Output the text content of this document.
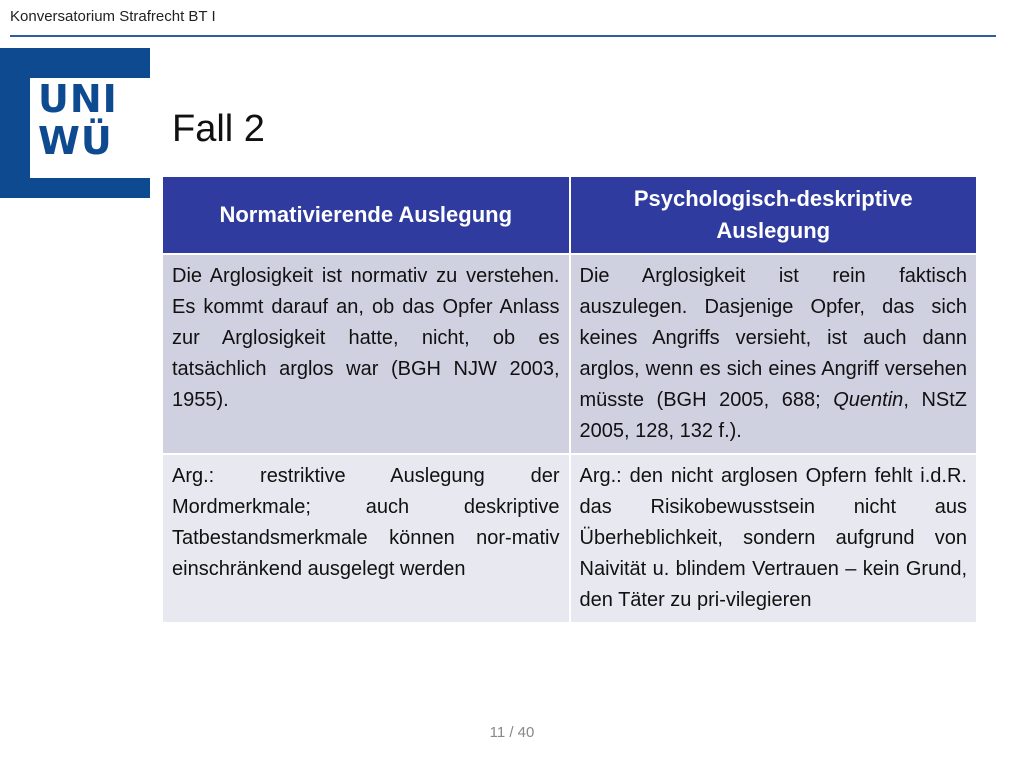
Konversatorium Strafrecht BT I
UNI
WÜ Fall 2
Normativierende Auslegung	Psychologisch-deskriptive Auslegung
Die Arglosigkeit ist normativ zu verstehen. Es kommt darauf an, ob das Opfer Anlass zur Arglosigkeit hatte, nicht, ob es tatsächlich arglos war (BGH NJW 2003, 1955).	Die Arglosigkeit ist rein faktisch auszulegen. Dasjenige Opfer, das sich keines Angriffs versieht, ist auch dann arglos, wenn es sich eines Angriff versehen müsste (BGH 2005, 688; Quentin, NStZ 2005, 128, 132 f.).
Arg.: restriktive Auslegung der Mordmerkmale; auch deskriptive Tatbestandsmerkmale können nor-mativ einschränkend ausgelegt werden	Arg.: den nicht arglosen Opfern fehlt i.d.R. das Risikobewusstsein nicht aus Überheblichkeit, sondern aufgrund von Naivität u. blindem Vertrauen – kein Grund, den Täter zu pri-vilegieren
11 / 40
